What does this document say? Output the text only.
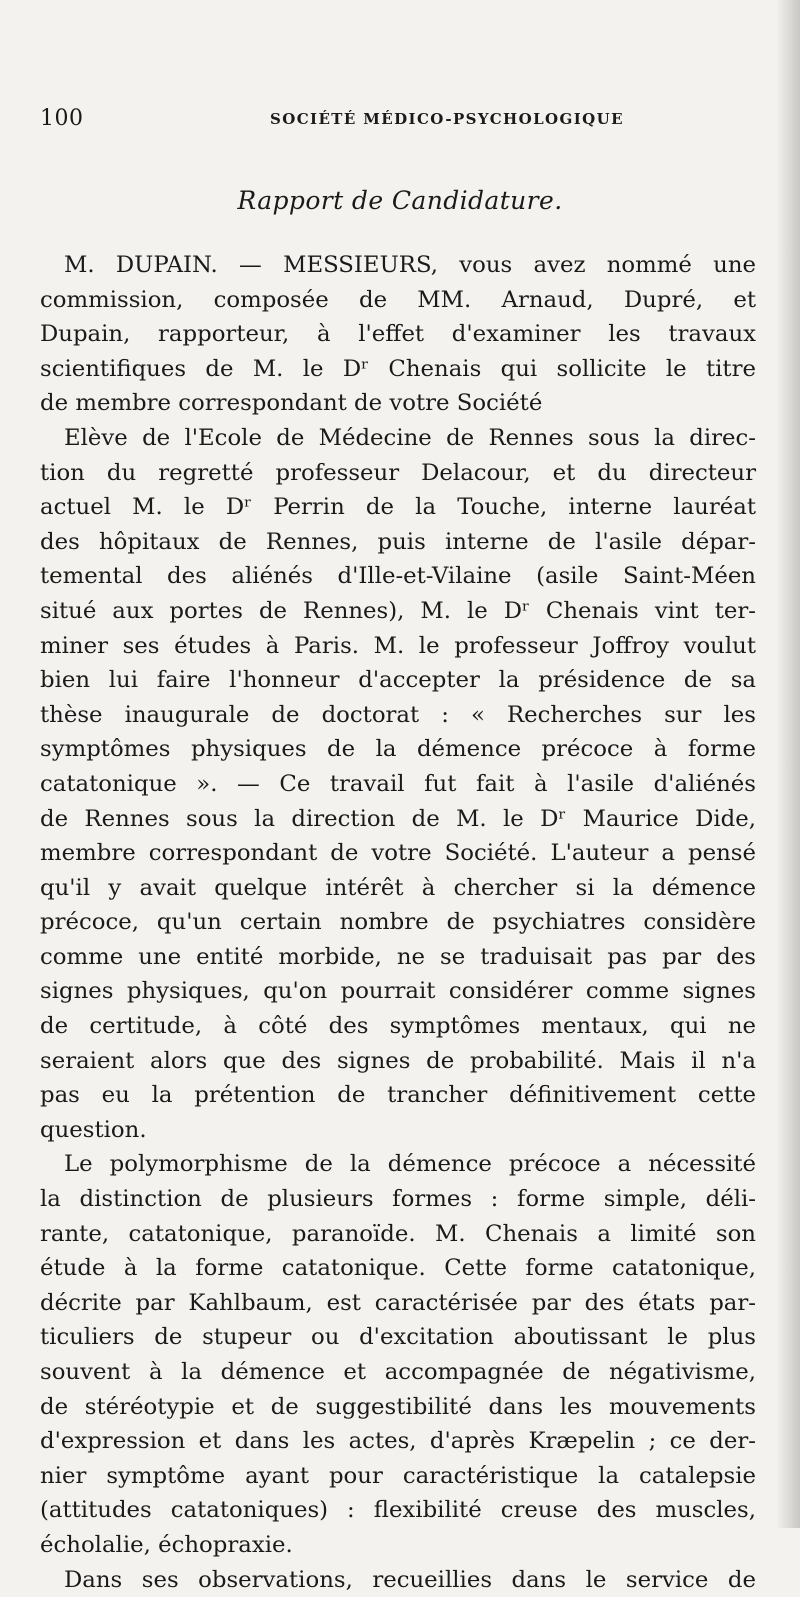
100	SOCIÉTÉ MÉDICO-PSYCHOLOGIQUE
Rapport de Candidature.
M. DUPAIN. — MESSIEURS, vous avez nommé une
commission, composée de MM. Arnaud, Dupré, et
Dupain, rapporteur, à l'effet d'examiner les travaux
scientifiques de M. le Dʳ Chenais qui sollicite le titre
de membre correspondant de votre Société
Elève de l'Ecole de Médecine de Rennes sous la direc-
tion du regretté professeur Delacour, et du directeur
actuel M. le Dʳ Perrin de la Touche, interne lauréat
des hôpitaux de Rennes, puis interne de l'asile dépar-
temental des aliénés d'Ille-et-Vilaine (asile Saint-Méen
situé aux portes de Rennes), M. le Dʳ Chenais vint ter-
miner ses études à Paris. M. le professeur Joffroy voulut
bien lui faire l'honneur d'accepter la présidence de sa
thèse inaugurale de doctorat : « Recherches sur les
symptômes physiques de la démence précoce à forme
catatonique ». — Ce travail fut fait à l'asile d'aliénés
de Rennes sous la direction de M. le Dʳ Maurice Dide,
membre correspondant de votre Société. L'auteur a pensé
qu'il y avait quelque intérêt à chercher si la démence
précoce, qu'un certain nombre de psychiatres considère
comme une entité morbide, ne se traduisait pas par des
signes physiques, qu'on pourrait considérer comme signes
de certitude, à côté des symptômes mentaux, qui ne
seraient alors que des signes de probabilité. Mais il n'a
pas eu la prétention de trancher définitivement cette
question.
Le polymorphisme de la démence précoce a nécessité
la distinction de plusieurs formes : forme simple, déli-
rante, catatonique, paranoïde. M. Chenais a limité son
étude à la forme catatonique. Cette forme catatonique,
décrite par Kahlbaum, est caractérisée par des états par-
ticuliers de stupeur ou d'excitation aboutissant le plus
souvent à la démence et accompagnée de négativisme,
de stéréotypie et de suggestibilité dans les mouvements
d'expression et dans les actes, d'après Kræpelin ; ce der-
nier symptôme ayant pour caractéristique la catalepsie
(attitudes catatoniques) : flexibilité creuse des muscles,
écholalie, échopraxie.
Dans ses observations, recueillies dans le service de
